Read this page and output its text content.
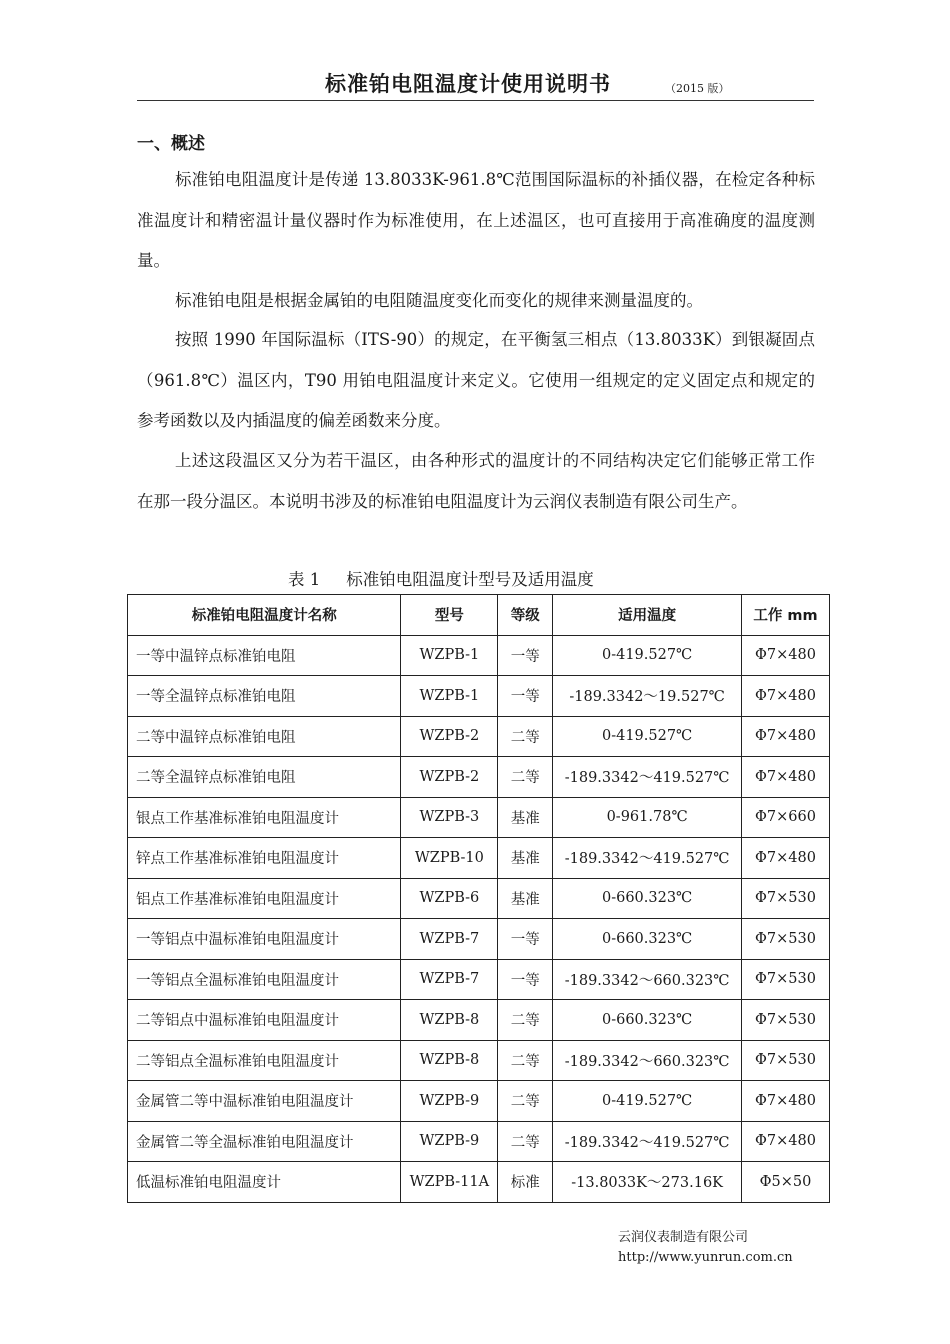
标准铂电阻温度计使用说明书	（2015 版）
一、概述

标准铂电阻温度计是传递 13.8033K-961.8℃范围国际温标的补插仪器，在检定各种标准温度计和精密温计量仪器时作为标准使用，在上述温区，也可直接用于高准确度的温度测量。

标准铂电阻是根据金属铂的电阻随温度变化而变化的规律来测量温度的。

按照 1990 年国际温标（ITS-90）的规定，在平衡氢三相点（13.8033K）到银凝固点（961.8℃）温区内，T90 用铂电阻温度计来定义。它使用一组规定的定义固定点和规定的参考函数以及内插温度的偏差函数来分度。

上述这段温区又分为若干温区，由各种形式的温度计的不同结构决定它们能够正常工作在那一段分温区。本说明书涉及的标准铂电阻温度计为云润仪表制造有限公司生产。

表 1 标准铂电阻温度计型号及适用温度
标准铂电阻温度计名称	型号	等级	适用温度	工作 mm
一等中温锌点标准铂电阻	WZPB-1	一等	0-419.527℃	Φ7×480
一等全温锌点标准铂电阻	WZPB-1	一等	-189.3342～19.527℃	Φ7×480
二等中温锌点标准铂电阻	WZPB-2	二等	0-419.527℃	Φ7×480
二等全温锌点标准铂电阻	WZPB-2	二等	-189.3342～419.527℃	Φ7×480
银点工作基准标准铂电阻温度计	WZPB-3	基准	0-961.78℃	Φ7×660
锌点工作基准标准铂电阻温度计	WZPB-10	基准	-189.3342～419.527℃	Φ7×480
铝点工作基准标准铂电阻温度计	WZPB-6	基准	0-660.323℃	Φ7×530
一等铝点中温标准铂电阻温度计	WZPB-7	一等	0-660.323℃	Φ7×530
一等铝点全温标准铂电阻温度计	WZPB-7	一等	-189.3342～660.323℃	Φ7×530
二等铝点中温标准铂电阻温度计	WZPB-8	二等	0-660.323℃	Φ7×530
二等铝点全温标准铂电阻温度计	WZPB-8	二等	-189.3342～660.323℃	Φ7×530
金属管二等中温标准铂电阻温度计	WZPB-9	二等	0-419.527℃	Φ7×480
金属管二等全温标准铂电阻温度计	WZPB-9	二等	-189.3342～419.527℃	Φ7×480
低温标准铂电阻温度计	WZPB-11A	标准	-13.8033K～273.16K	Φ5×50
云润仪表制造有限公司
http://www.yunrun.com.cn
